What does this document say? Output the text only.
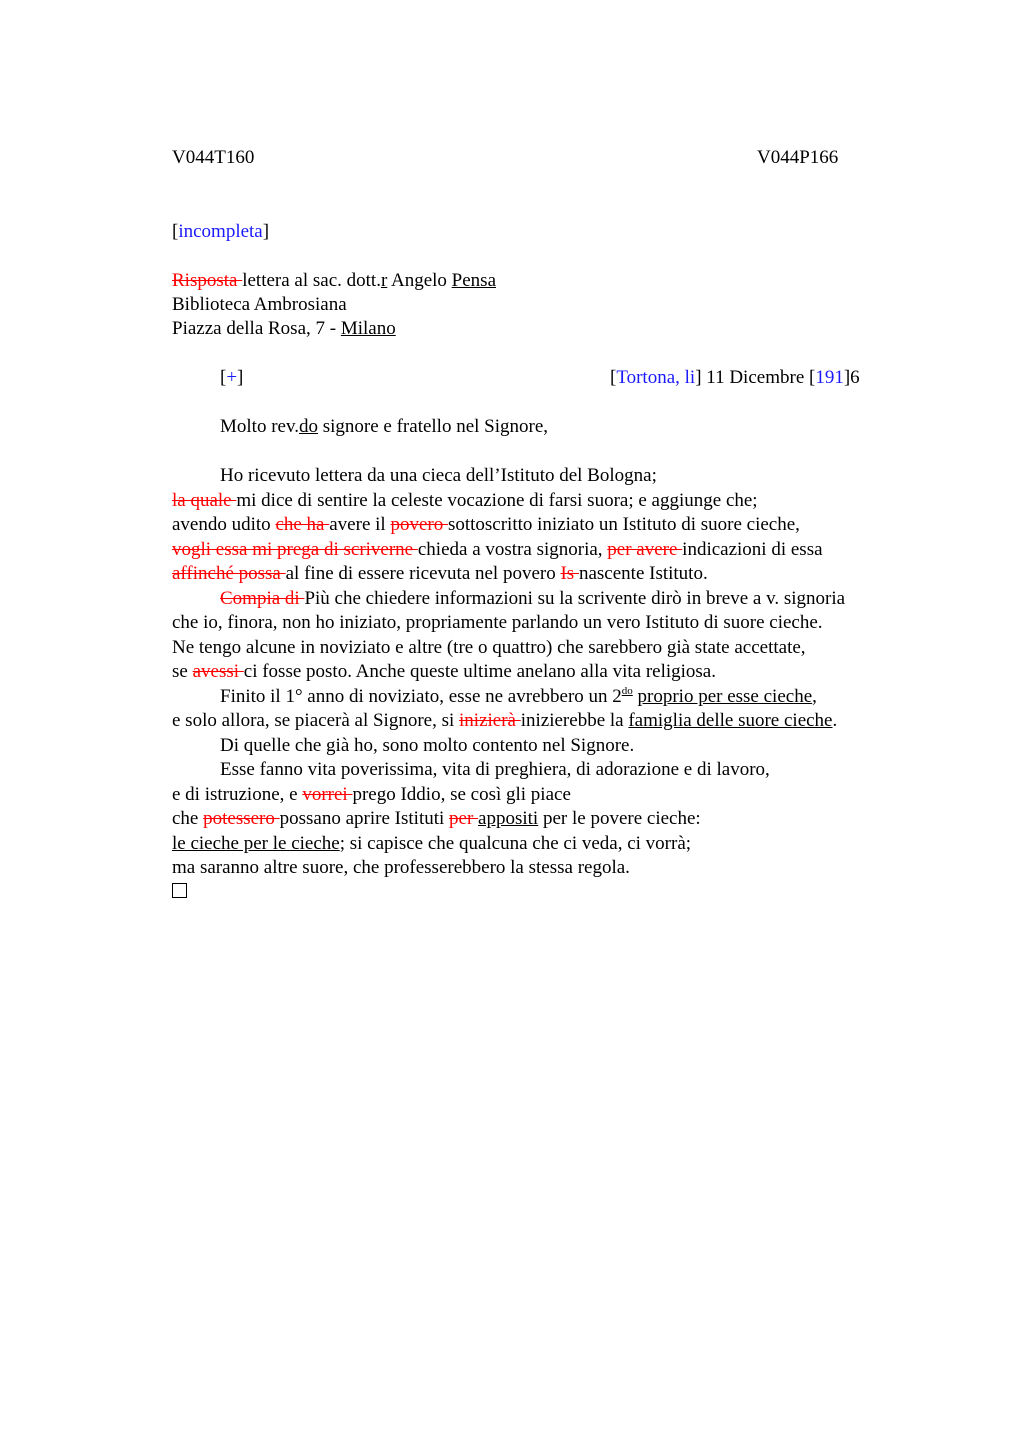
V044T160	V044P166
[incompleta]
Risposta lettera al sac. dott.r Angelo Pensa
Biblioteca Ambrosiana
Piazza della Rosa, 7 - Milano
[+]	[Tortona, li] 11 Dicembre [191]6
Molto rev.do signore e fratello nel Signore,
Ho ricevuto lettera da una cieca dell’Istituto del Bologna;
la quale mi dice di sentire la celeste vocazione di farsi suora; e aggiunge che;
avendo udito che ha avere il povero sottoscritto iniziato un Istituto di suore cieche,
vogli essa mi prega di scriverne chieda a vostra signoria, per avere indicazioni di essa
affinché possa al fine di essere ricevuta nel povero Is nascente Istituto.
Compia di Più che chiedere informazioni su la scrivente dirò in breve a v. signoria
che io, finora, non ho iniziato, propriamente parlando un vero Istituto di suore cieche.
Ne tengo alcune in noviziato e altre (tre o quattro) che sarebbero già state accettate,
se avessi ci fosse posto. Anche queste ultime anelano alla vita religiosa.
Finito il 1° anno di noviziato, esse ne avrebbero un $2^{do}$ proprio per esse cieche,
e solo allora, se piacerà al Signore, si inizierà inizierebbe la famiglia delle suore cieche.
Di quelle che già ho, sono molto contento nel Signore.
Esse fanno vita poverissima, vita di preghiera, di adorazione e di lavoro,
e di istruzione, e vorrei prego Iddio, se così gli piace
che potessero possano aprire Istituti per appositi per le povere cieche:
le cieche per le cieche; si capisce che qualcuna che ci veda, ci vorrà;
ma saranno altre suore, che professerebbero la stessa regola.
